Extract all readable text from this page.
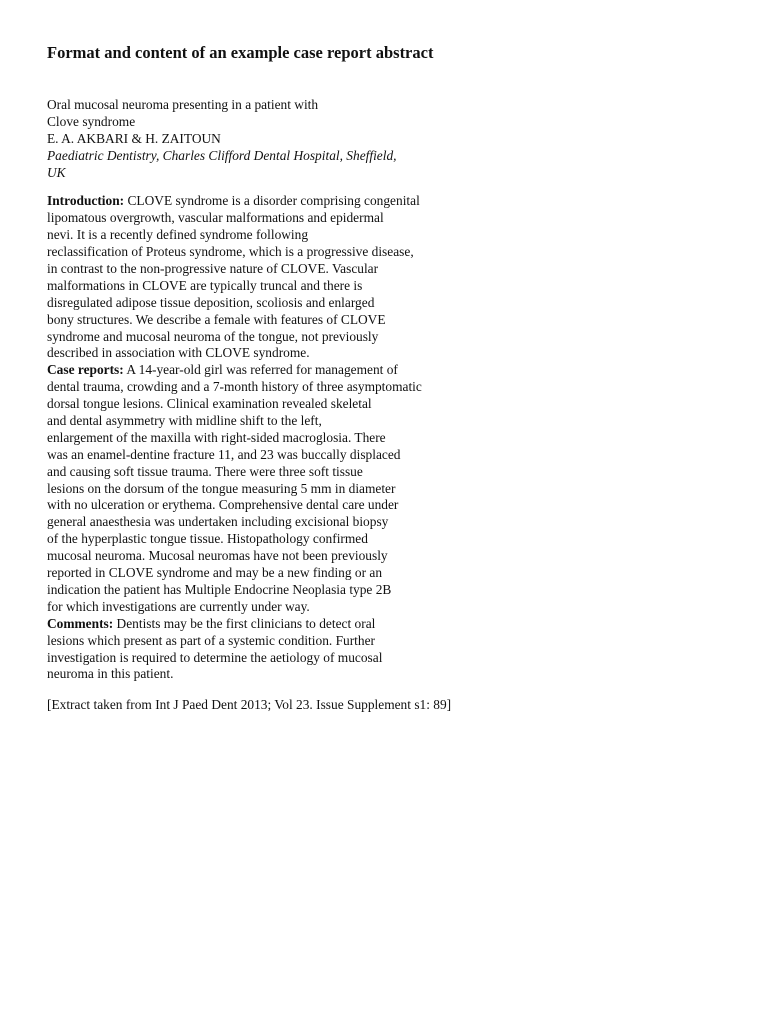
Format and content of an example case report abstract
Oral mucosal neuroma presenting in a patient with
Clove syndrome
E. A. AKBARI & H. ZAITOUN
Paediatric Dentistry, Charles Clifford Dental Hospital, Sheffield,
UK
Introduction: CLOVE syndrome is a disorder comprising congenital
lipomatous overgrowth, vascular malformations and epidermal
nevi. It is a recently defined syndrome following
reclassification of Proteus syndrome, which is a progressive disease,
in contrast to the non-progressive nature of CLOVE. Vascular
malformations in CLOVE are typically truncal and there is
disregulated adipose tissue deposition, scoliosis and enlarged
bony structures. We describe a female with features of CLOVE
syndrome and mucosal neuroma of the tongue, not previously
described in association with CLOVE syndrome.
Case reports: A 14-year-old girl was referred for management of
dental trauma, crowding and a 7-month history of three asymptomatic
dorsal tongue lesions. Clinical examination revealed skeletal
and dental asymmetry with midline shift to the left,
enlargement of the maxilla with right-sided macroglosia. There
was an enamel-dentine fracture 11, and 23 was buccally displaced
and causing soft tissue trauma. There were three soft tissue
lesions on the dorsum of the tongue measuring 5 mm in diameter
with no ulceration or erythema. Comprehensive dental care under
general anaesthesia was undertaken including excisional biopsy
of the hyperplastic tongue tissue. Histopathology confirmed
mucosal neuroma. Mucosal neuromas have not been previously
reported in CLOVE syndrome and may be a new finding or an
indication the patient has Multiple Endocrine Neoplasia type 2B
for which investigations are currently under way.
Comments: Dentists may be the first clinicians to detect oral
lesions which present as part of a systemic condition. Further
investigation is required to determine the aetiology of mucosal
neuroma in this patient.
[Extract taken from Int J Paed Dent 2013; Vol 23. Issue Supplement s1: 89]
